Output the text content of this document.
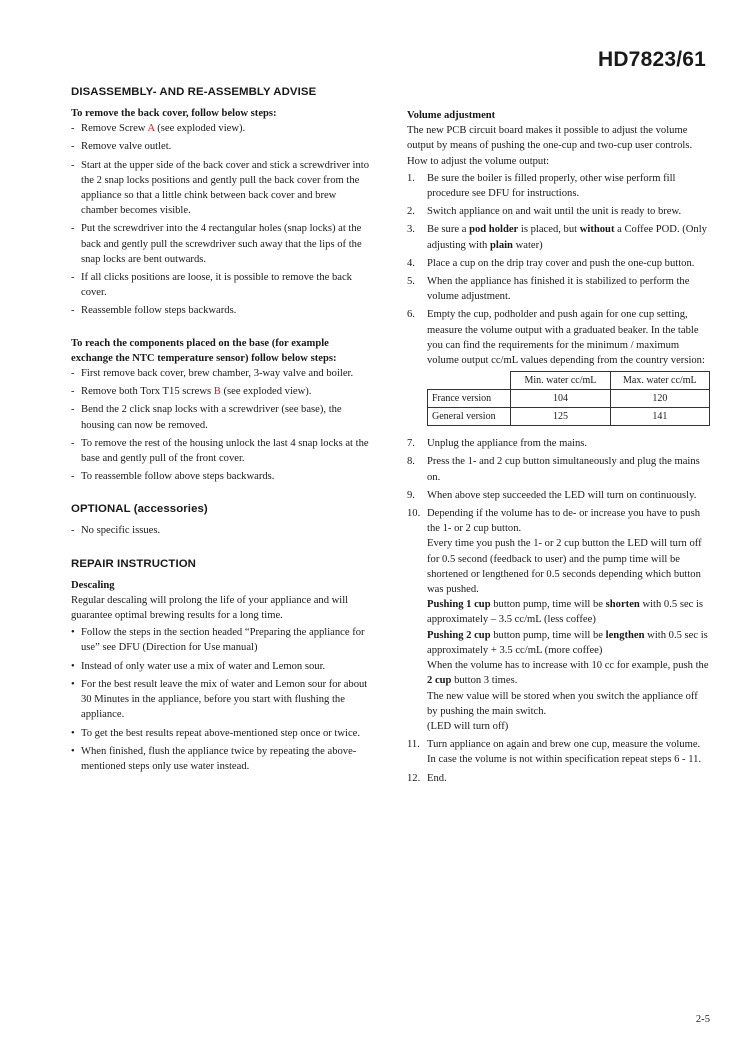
HD7823/61
DISASSEMBLY- AND RE-ASSEMBLY ADVISE

To remove the back cover, follow below steps:

- Remove Screw A (see exploded view).
- Remove valve outlet.
- Start at the upper side of the back cover and stick a screwdriver into the 2 snap locks positions and gently pull the back cover from the appliance so that a little chink between back cover and brew chamber becomes visible.
- Put the screwdriver into the 4 rectangular holes (snap locks) at the back and gently pull the screwdriver such away that the lips of the snap locks are bent outwards.
- If all clicks positions are loose, it is possible to remove the back cover.
- Reassemble follow steps backwards.

To reach the components placed on the base (for example exchange the NTC temperature sensor) follow below steps:

- First remove back cover, brew chamber, 3-way valve and boiler.
- Remove both Torx T15 screws B (see exploded view).
- Bend the 2 click snap locks with a screwdriver (see base), the housing can now be removed.
- To remove the rest of the housing unlock the last 4 snap locks at the base and gently pull of the front cover.
- To reassemble follow above steps backwards.
OPTIONAL (accessories)
- No specific issues.
REPAIR INSTRUCTION

Descaling

Regular descaling will prolong the life of your appliance and will guarantee optimal brewing results for a long time.

• Follow the steps in the section headed “Preparing the appliance for use” see DFU (Direction for Use manual)
• Instead of only water use a mix of water and Lemon sour.
• For the best result leave the mix of water and Lemon sour for about 30 Minutes in the appliance, before you start with flushing the appliance.
• To get the best results repeat above-mentioned step once or twice.
• When finished, flush the appliance twice by repeating the above-mentioned steps only use water instead.

Volume adjustment

The new PCB circuit board makes it possible to adjust the volume output by means of pushing the one-cup and two-cup user controls.

How to adjust the volume output:

1. Be sure the boiler is filled properly, other wise perform fill procedure see DFU for instructions.
2. Switch appliance on and wait until the unit is ready to brew.
3. Be sure a pod holder is placed, but without a Coffee POD. (Only adjusting with plain water)
4. Place a cup on the drip tray cover and push the one-cup button.
5. When the appliance has finished it is stabilized to perform the volume adjustment.
6. Empty the cup, podholder and push again for one cup setting, measure the volume output with a graduated beaker. In the table you can find the requirements for the minimum / maximum volume output cc/mL values depending from the country version:
	Min. water cc/mL	Max. water cc/mL
France version	104	120
General version	125	141
7. Unplug the appliance from the mains.
8. Press the 1- and 2 cup button simultaneously and plug the mains on.
9. When above step succeeded the LED will turn on continuously.
10. Depending if the volume has to de- or increase you have to push the 1- or 2 cup button.
Every time you push the 1- or 2 cup button the LED will turn off for 0.5 second (feedback to user) and the pump time will be shortened or lengthened for 0.5 seconds depending which button was pushed.
Pushing 1 cup button pump, time will be shorten with 0.5 sec is approximately – 3.5 cc/mL (less coffee)
Pushing 2 cup button pump, time will be lengthen with 0.5 sec is approximately + 3.5 cc/mL (more coffee)
When the volume has to increase with 10 cc for example, push the 2 cup button 3 times.
The new value will be stored when you switch the appliance off by pushing the main switch.
(LED will turn off)
11. Turn appliance on again and brew one cup, measure the volume. In case the volume is not within specification repeat steps 6 - 11.
12. End.
2-5
